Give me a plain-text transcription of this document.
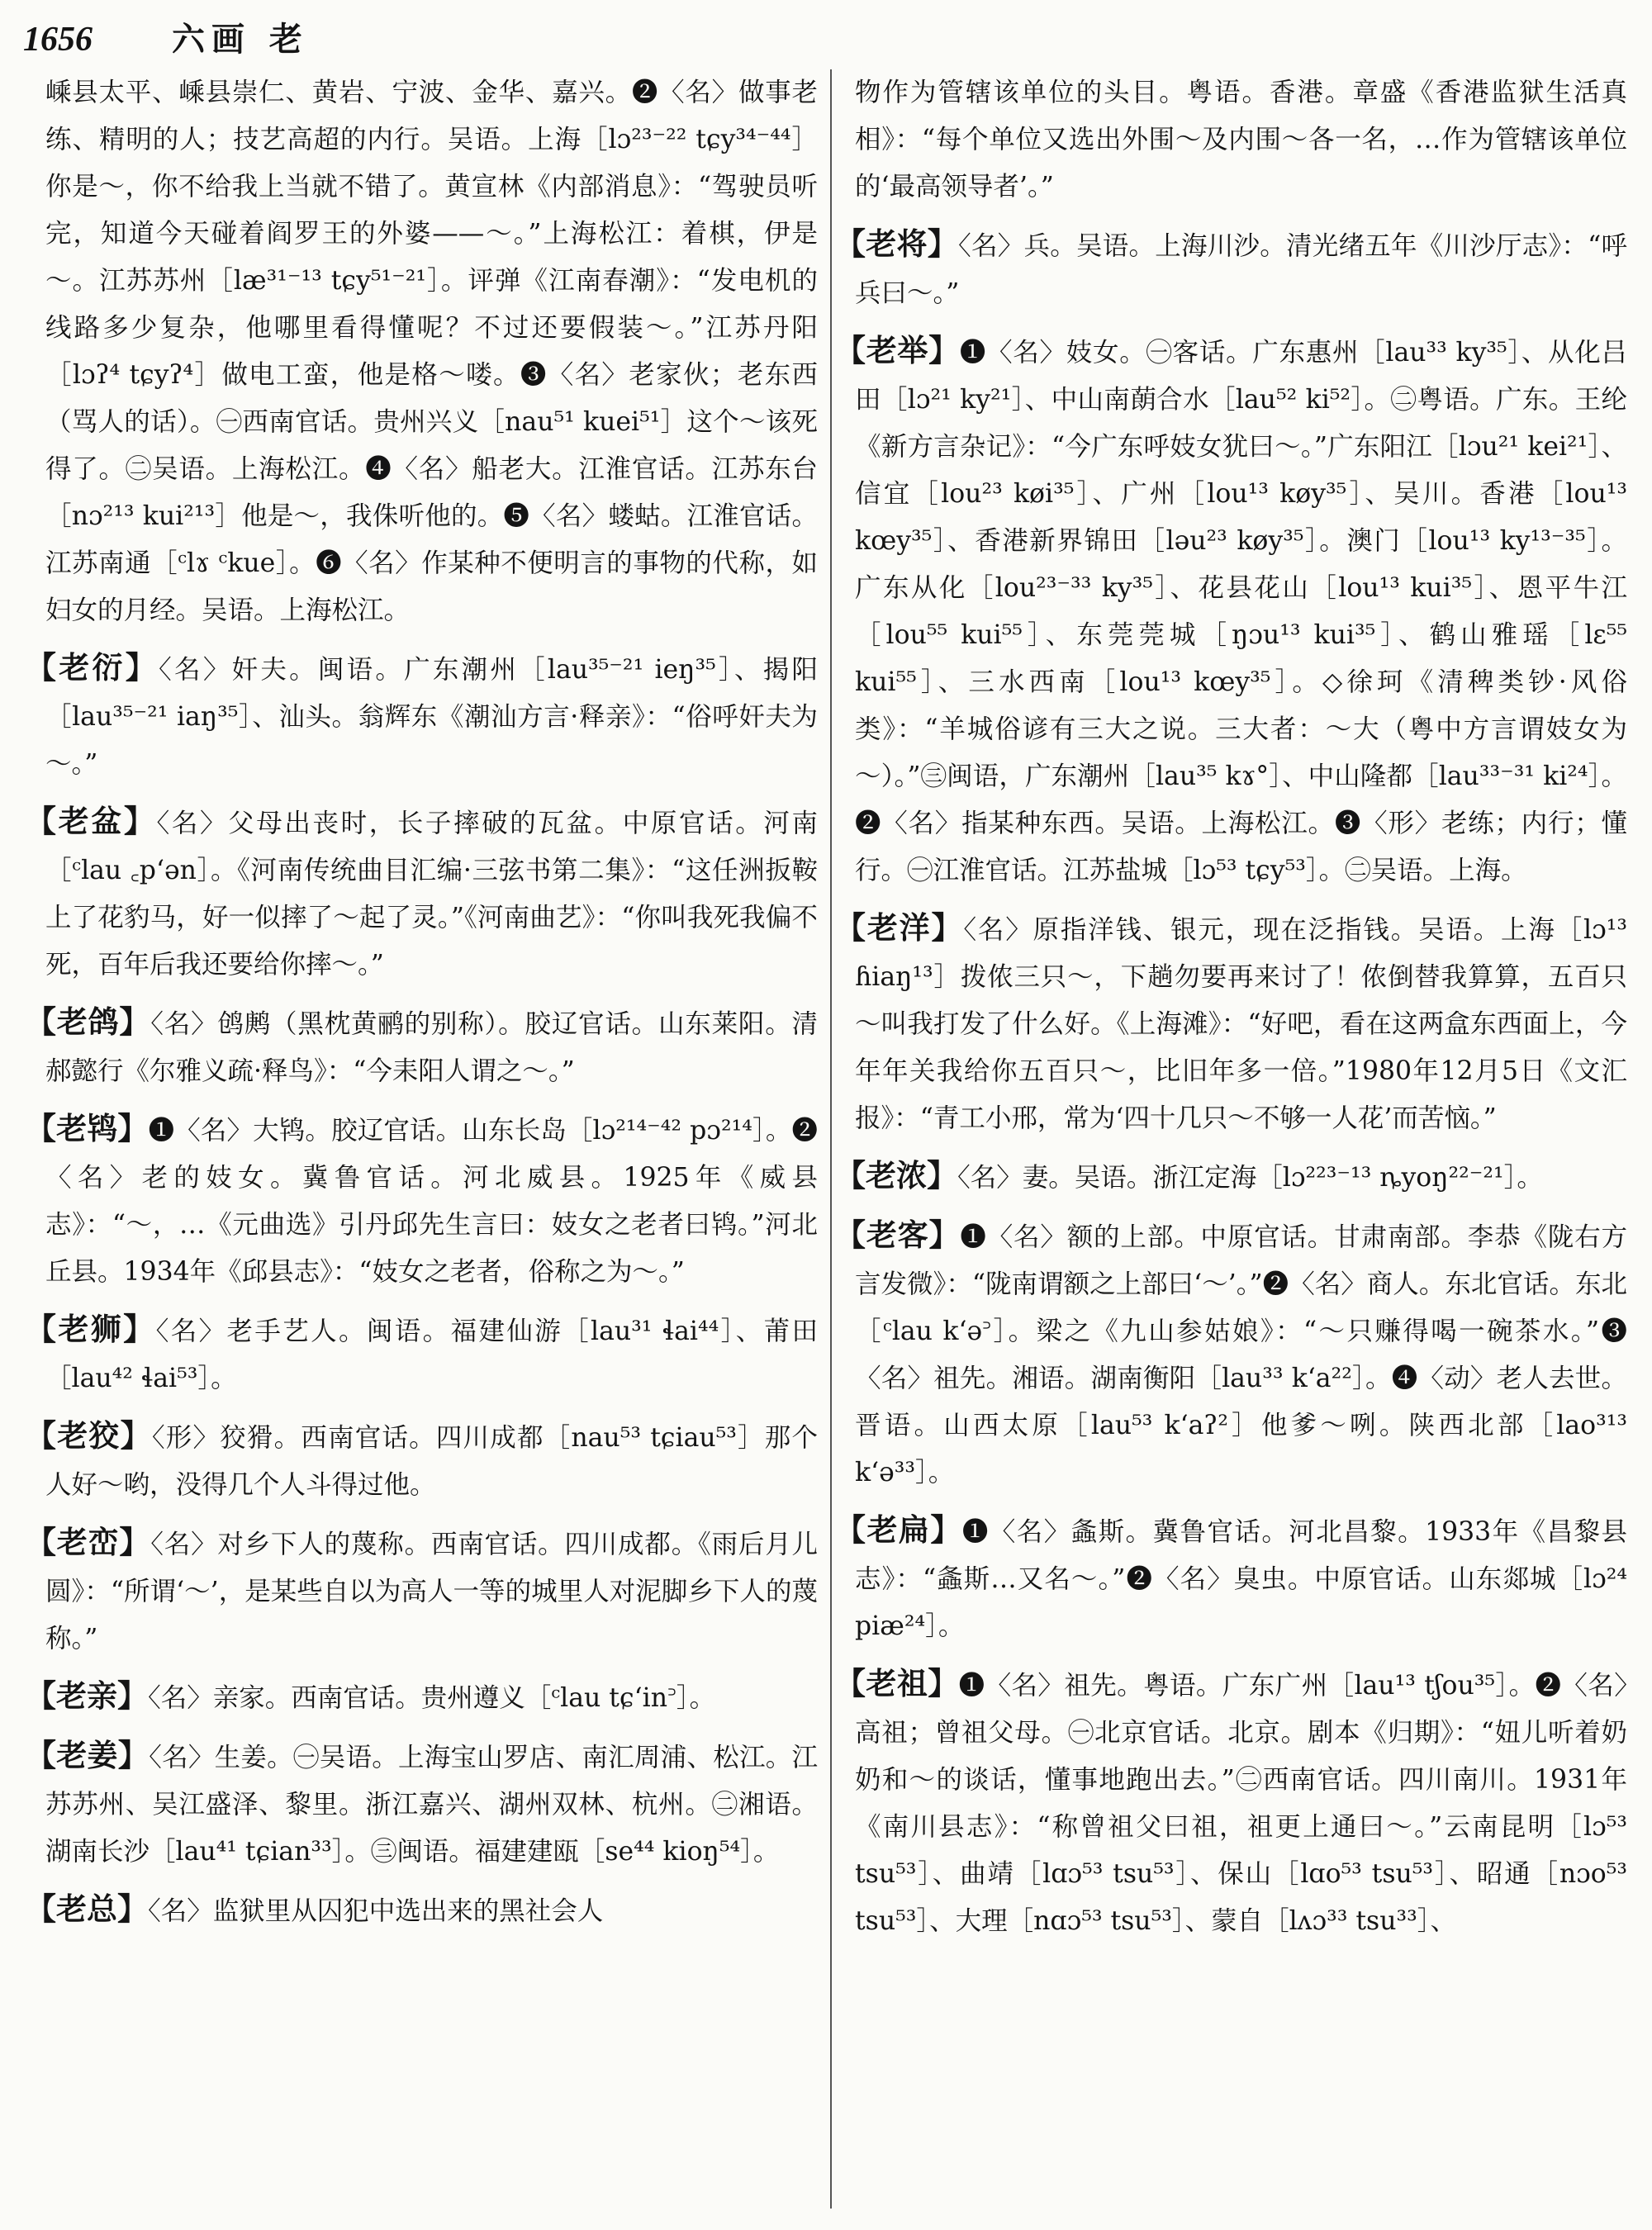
1656 六画 老
嵊县太平、嵊县崇仁、黄岩、宁波、金华、嘉兴。❷〈名〉做事老练、精明的人；技艺高超的内行。吴语。上海［lɔ²³⁻²² tɕy³⁴⁻⁴⁴］你是～，你不给我上当就不错了。黄宣林《内部消息》：“驾驶员听完，知道今天碰着阎罗王的外婆——～。”上海松江：着棋，伊是～。江苏苏州［læ³¹⁻¹³ tɕy⁵¹⁻²¹］。评弹《江南春潮》：“发电机的线路多少复杂，他哪里看得懂呢？不过还要假装～。”江苏丹阳［lɔʔ⁴ tɕyʔ⁴］做电工蛮，他是格～喽。❸〈名〉老家伙；老东西（骂人的话）。㊀西南官话。贵州兴义［nau⁵¹ kuei⁵¹］这个～该死得了。㊁吴语。上海松江。❹〈名〉船老大。江淮官话。江苏东台［nɔ²¹³ kui²¹³］他是～，我侏听他的。❺〈名〉蝼蛄。江淮官话。江苏南通［ᶜlɤ ᶜkue］。❻〈名〉作某种不便明言的事物的代称，如妇女的月经。吴语。上海松江。
【老衍】〈名〉奸夫。闽语。广东潮州［lau³⁵⁻²¹ ieŋ³⁵］、揭阳［lau³⁵⁻²¹ iaŋ³⁵］、汕头。翁辉东《潮汕方言·释亲》：“俗呼奸夫为～。”
【老盆】〈名〉父母出丧时，长子摔破的瓦盆。中原官话。河南［ᶜlau ꜀pʻən］。《河南传统曲目汇编·三弦书第二集》：“这任洲扳鞍上了花豹马，好一似摔了～起了灵。”《河南曲艺》：“你叫我死我偏不死，百年后我还要给你摔～。”
【老鸽】〈名〉鸧鹒（黑枕黄鹂的别称）。胶辽官话。山东莱阳。清郝懿行《尔雅义疏·释鸟》：“今耒阳人谓之～。”
【老鸨】❶〈名〉大鸨。胶辽官话。山东长岛［lɔ²¹⁴⁻⁴² pɔ²¹⁴］。❷〈名〉老的妓女。冀鲁官话。河北威县。1925年《威县志》：“～，…《元曲选》引丹邱先生言曰：妓女之老者曰鸨。”河北丘县。1934年《邱县志》：“妓女之老者，俗称之为～。”
【老狮】〈名〉老手艺人。闽语。福建仙游［lau³¹ ɬai⁴⁴］、莆田［lau⁴² ɬai⁵³］。
【老狡】〈形〉狡猾。西南官话。四川成都［nau⁵³ tɕiau⁵³］那个人好～哟，没得几个人斗得过他。
【老峦】〈名〉对乡下人的蔑称。西南官话。四川成都。《雨后月儿圆》：“所谓‘～’，是某些自以为高人一等的城里人对泥脚乡下人的蔑称。”
【老亲】〈名〉亲家。西南官话。贵州遵义［ᶜlau tɕʻin꜄］。
【老姜】〈名〉生姜。㊀吴语。上海宝山罗店、南汇周浦、松江。江苏苏州、吴江盛泽、黎里。浙江嘉兴、湖州双林、杭州。㊁湘语。湖南长沙［lau⁴¹ tɕian³³］。㊂闽语。福建建瓯［se⁴⁴ kioŋ⁵⁴］。
【老总】〈名〉监狱里从囚犯中选出来的黑社会人
物作为管辖该单位的头目。粤语。香港。章盛《香港监狱生活真相》：“每个单位又选出外围～及内围～各一名，…作为管辖该单位的‘最高领导者’。”
【老将】〈名〉兵。吴语。上海川沙。清光绪五年《川沙厅志》：“呼兵曰～。”
【老举】❶〈名〉妓女。㊀客话。广东惠州［lau³³ ky³⁵］、从化吕田［lɔ²¹ ky²¹］、中山南蓢合水［lau⁵² ki⁵²］。㊁粤语。广东。王纶《新方言杂记》：“今广东呼妓女犹曰～。”广东阳江［lɔu²¹ kei²¹］、信宜［lou²³ køi³⁵］、广州［lou¹³ køy³⁵］、吴川。香港［lou¹³ kœy³⁵］、香港新界锦田［ləu²³ køy³⁵］。澳门［lou¹³ ky¹³⁻³⁵］。广东从化［lou²³⁻³³ ky³⁵］、花县花山［lou¹³ kui³⁵］、恩平牛江［lou⁵⁵ kui⁵⁵］、东莞莞城［ŋɔu¹³ kui³⁵］、鹤山雅瑶［lɛ⁵⁵ kui⁵⁵］、三水西南［lou¹³ kœy³⁵］。◇徐珂《清稗类钞·风俗类》：“羊城俗谚有三大之说。三大者：～大（粤中方言谓妓女为～）。”㊂闽语，广东潮州［lau³⁵ kɤ°］、中山隆都［lau³³⁻³¹ ki²⁴］。❷〈名〉指某种东西。吴语。上海松江。❸〈形〉老练；内行；懂行。㊀江淮官话。江苏盐城［lɔ⁵³ tɕy⁵³］。㊁吴语。上海。
【老洋】〈名〉原指洋钱、银元，现在泛指钱。吴语。上海［lɔ¹³ ɦiaŋ¹³］拨侬三只～，下趟勿要再来讨了！侬倒替我算算，五百只～叫我打发了什么好。《上海滩》：“好吧，看在这两盒东西面上，今年年关我给你五百只～，比旧年多一倍。”1980年12月5日《文汇报》：“青工小邢，常为‘四十几只～不够一人花’而苦恼。”
【老浓】〈名〉妻。吴语。浙江定海［lɔ²²³⁻¹³ ȵyoŋ²²⁻²¹］。
【老客】❶〈名〉额的上部。中原官话。甘肃南部。李恭《陇右方言发微》：“陇南谓额之上部曰‘～’。”❷〈名〉商人。东北官话。东北［ᶜlau kʻə꜄］。梁之《九山参姑娘》：“～只赚得喝一碗茶水。”❸〈名〉祖先。湘语。湖南衡阳［lau³³ kʻa²²］。❹〈动〉老人去世。晋语。山西太原［lau⁵³ kʻaʔ²］他爹～咧。陕西北部［lao³¹³ kʻə³³］。
【老扁】❶〈名〉螽斯。冀鲁官话。河北昌黎。1933年《昌黎县志》：“螽斯…又名～。”❷〈名〉臭虫。中原官话。山东郯城［lɔ²⁴ piæ²⁴］。
【老祖】❶〈名〉祖先。粤语。广东广州［lau¹³ tʃou³⁵］。❷〈名〉高祖；曾祖父母。㊀北京官话。北京。剧本《归期》：“妞儿听着奶奶和～的谈话，懂事地跑出去。”㊁西南官话。四川南川。1931年《南川县志》：“称曾祖父曰祖，祖更上通曰～。”云南昆明［lɔ⁵³ tsu⁵³］、曲靖［lɑɔ⁵³ tsu⁵³］、保山［lɑo⁵³ tsu⁵³］、昭通［nɔo⁵³ tsu⁵³］、大理［nɑɔ⁵³ tsu⁵³］、蒙自［lʌɔ³³ tsu³³］、
